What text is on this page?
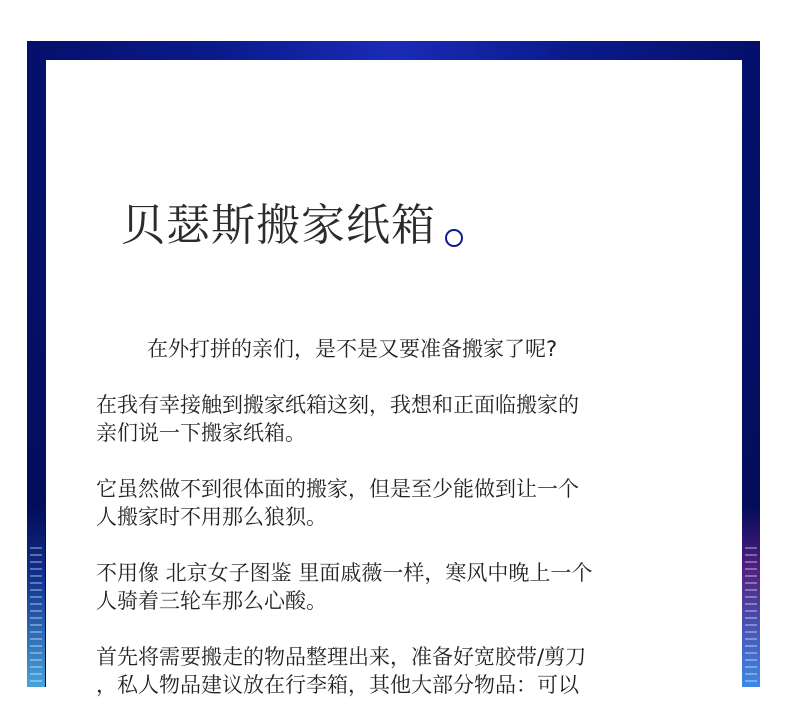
贝瑟斯搬家纸箱

在外打拼的亲们，是不是又要准备搬家了呢?

在我有幸接触到搬家纸箱这刻，我想和正面临搬家的
亲们说一下搬家纸箱。

它虽然做不到很体面的搬家，但是至少能做到让一个
人搬家时不用那么狼狈。

不用像 北京女子图鉴 里面戚薇一样，寒风中晚上一个
人骑着三轮车那么心酸。

首先将需要搬走的物品整理出来，准备好宽胶带/剪刀
，私人物品建议放在行李箱，其他大部分物品：可以
